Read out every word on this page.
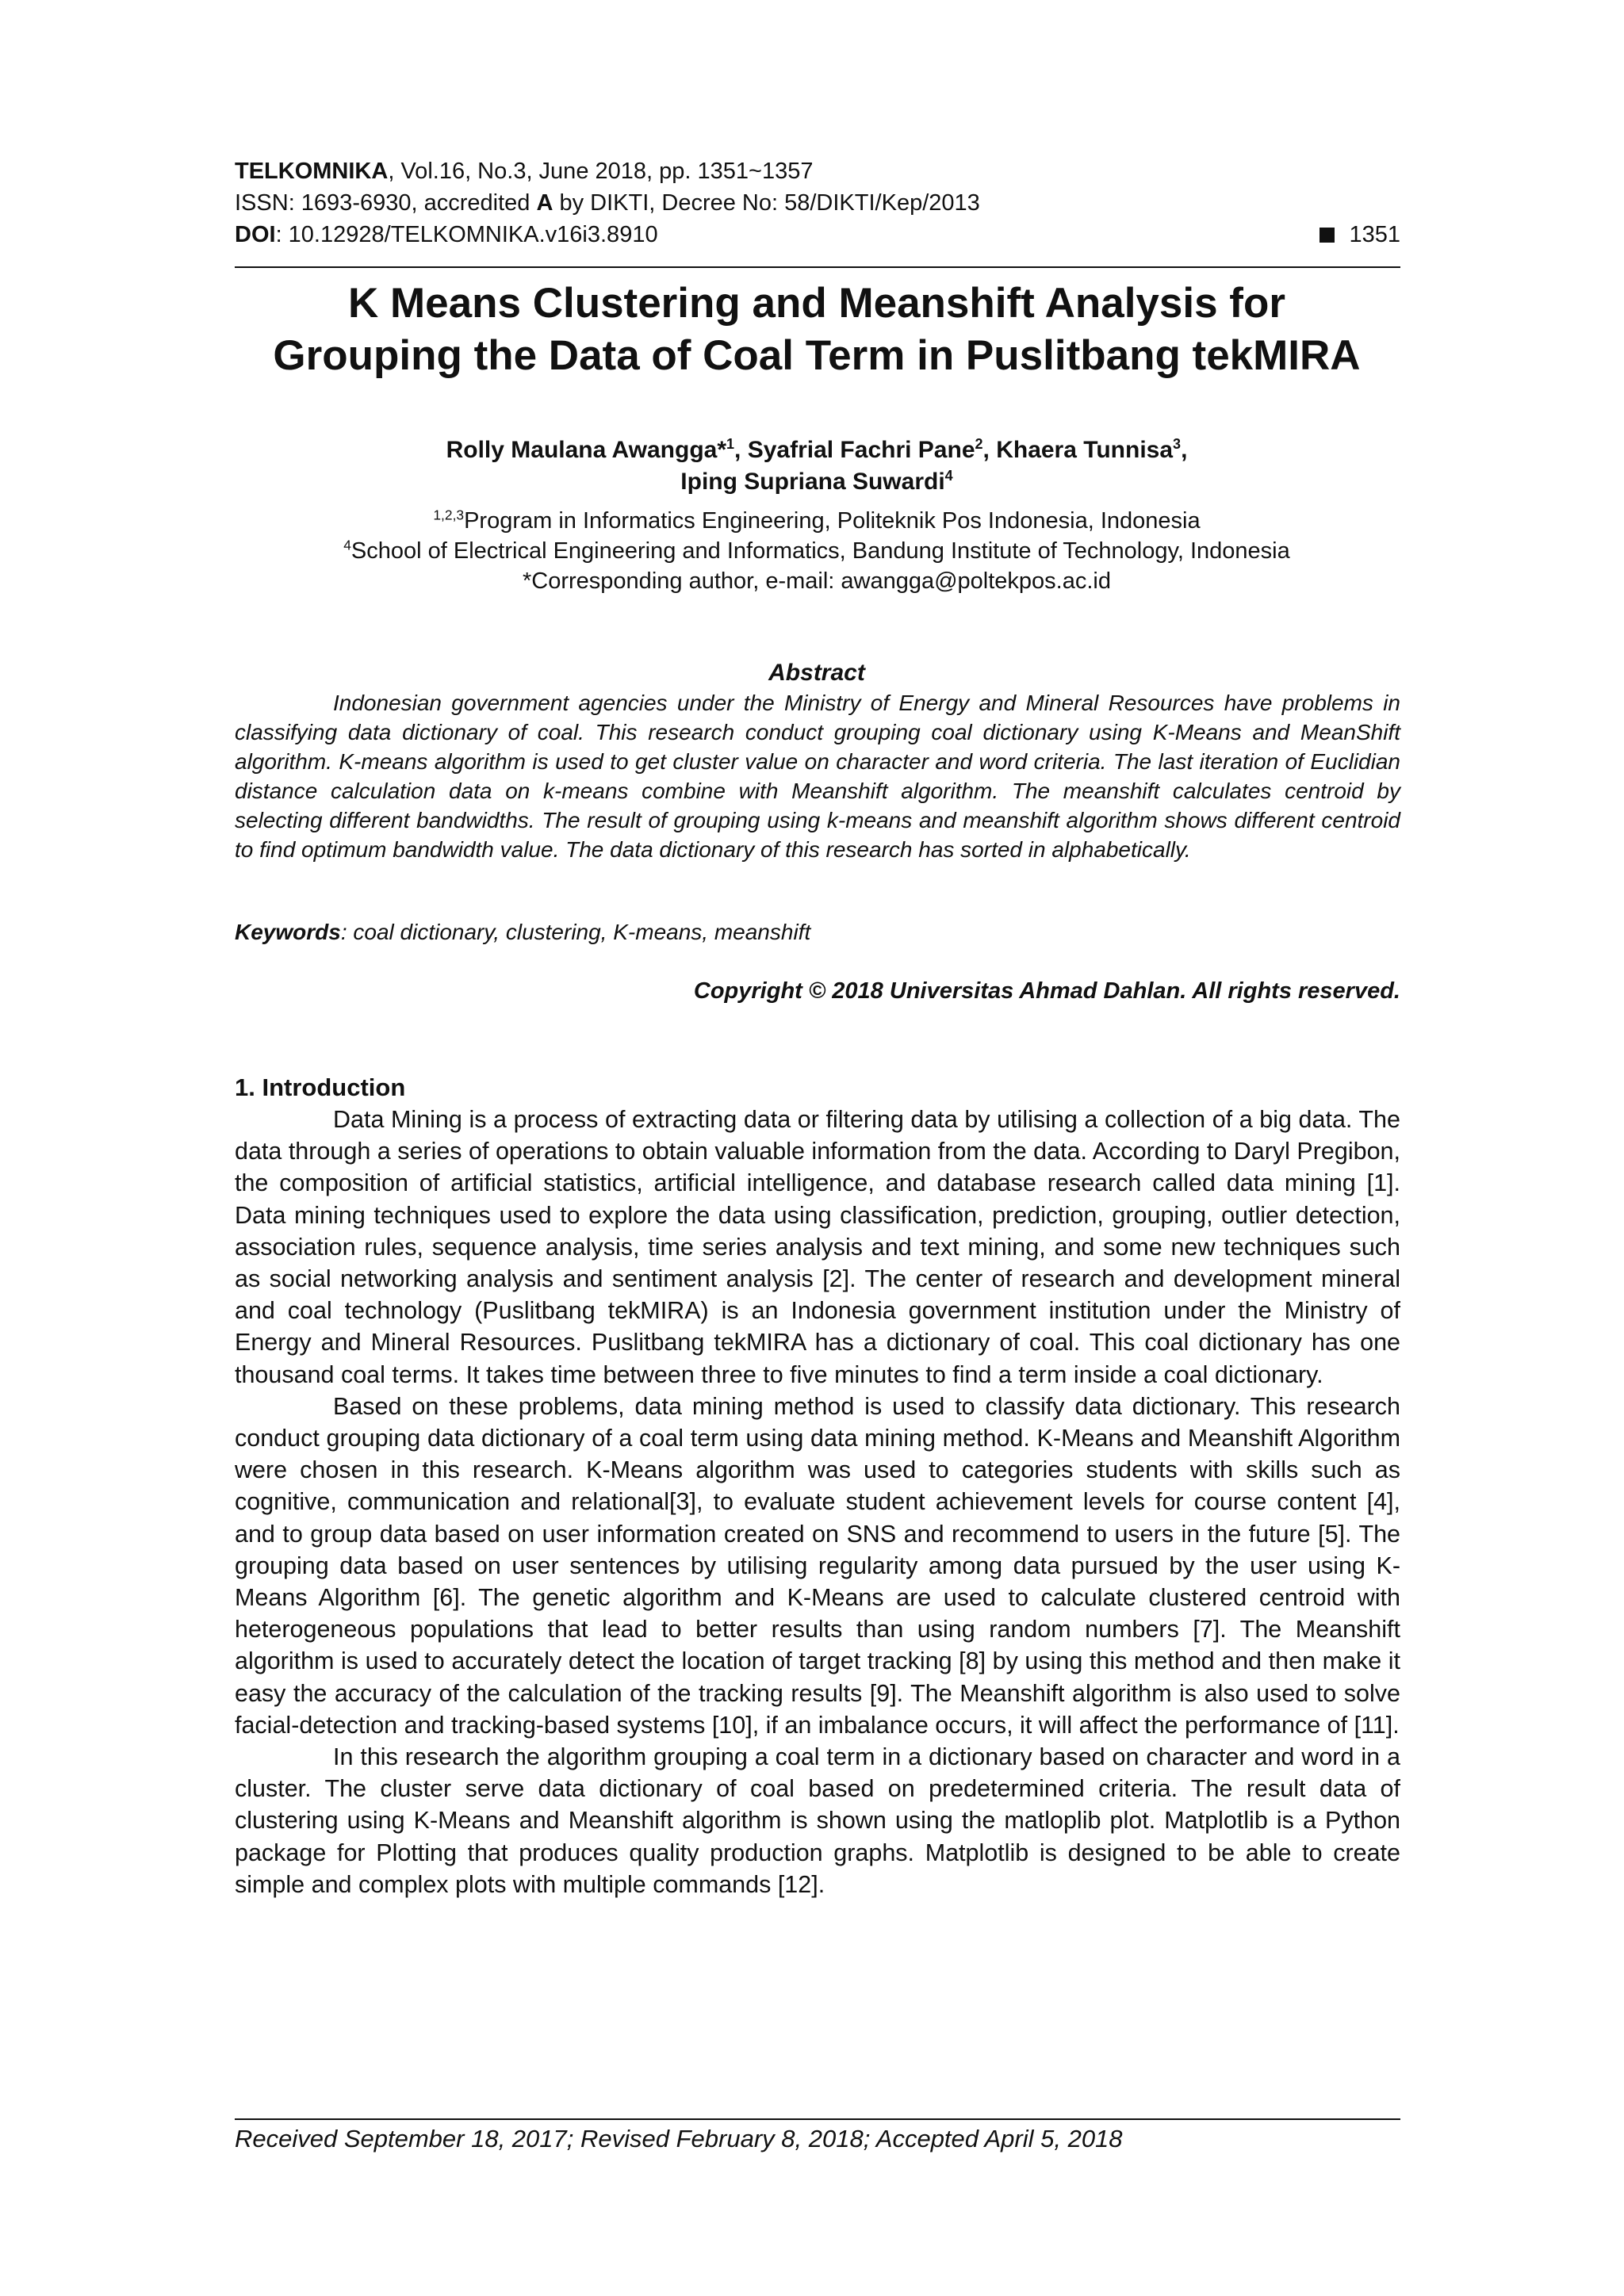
TELKOMNIKA, Vol.16, No.3, June 2018, pp. 1351~1357
ISSN: 1693-6930, accredited A by DIKTI, Decree No: 58/DIKTI/Kep/2013
DOI: 10.12928/TELKOMNIKA.v16i3.8910	1351
K Means Clustering and Meanshift Analysis for
Grouping the Data of Coal Term in Puslitbang tekMIRA
Rolly Maulana Awangga*$^1$, Syafrial Fachri Pane$^2$, Khaera Tunnisa$^3$,
Iping Supriana Suwardi$^4$
$^{1,2,3}$Program in Informatics Engineering, Politeknik Pos Indonesia, Indonesia
$^4$School of Electrical Engineering and Informatics, Bandung Institute of Technology, Indonesia
*Corresponding author, e-mail: awangga@poltekpos.ac.id
Abstract
Indonesian government agencies under the Ministry of Energy and Mineral Resources have problems in classifying data dictionary of coal. This research conduct grouping coal dictionary using K-Means and MeanShift algorithm. K-means algorithm is used to get cluster value on character and word criteria. The last iteration of Euclidian distance calculation data on k-means combine with Meanshift algorithm. The meanshift calculates centroid by selecting different bandwidths. The result of grouping using k-means and meanshift algorithm shows different centroid to find optimum bandwidth value. The data dictionary of this research has sorted in alphabetically.
Keywords: coal dictionary, clustering, K-means, meanshift
Copyright © 2018 Universitas Ahmad Dahlan. All rights reserved.
1. Introduction

Data Mining is a process of extracting data or filtering data by utilising a collection of a big data. The data through a series of operations to obtain valuable information from the data. According to Daryl Pregibon, the composition of artificial statistics, artificial intelligence, and database research called data mining [1]. Data mining techniques used to explore the data using classification, prediction, grouping, outlier detection, association rules, sequence analysis, time series analysis and text mining, and some new techniques such as social networking analysis and sentiment analysis [2]. The center of research and development mineral and coal technology (Puslitbang tekMIRA) is an Indonesia government institution under the Ministry of Energy and Mineral Resources. Puslitbang tekMIRA has a dictionary of coal. This coal dictionary has one thousand coal terms. It takes time between three to five minutes to find a term inside a coal dictionary.

Based on these problems, data mining method is used to classify data dictionary. This research conduct grouping data dictionary of a coal term using data mining method. K-Means and Meanshift Algorithm were chosen in this research. K-Means algorithm was used to categories students with skills such as cognitive, communication and relational[3], to evaluate student achievement levels for course content [4], and to group data based on user information created on SNS and recommend to users in the future [5]. The grouping data based on user sentences by utilising regularity among data pursued by the user using K-Means Algorithm [6]. The genetic algorithm and K-Means are used to calculate clustered centroid with heterogeneous populations that lead to better results than using random numbers [7]. The Meanshift algorithm is used to accurately detect the location of target tracking [8] by using this method and then make it easy the accuracy of the calculation of the tracking results [9]. The Meanshift algorithm is also used to solve facial-detection and tracking-based systems [10], if an imbalance occurs, it will affect the performance of [11].

In this research the algorithm grouping a coal term in a dictionary based on character and word in a cluster. The cluster serve data dictionary of coal based on predetermined criteria. The result data of clustering using K-Means and Meanshift algorithm is shown using the matloplib plot. Matplotlib is a Python package for Plotting that produces quality production graphs. Matplotlib is designed to be able to create simple and complex plots with multiple commands [12].

Received September 18, 2017; Revised February 8, 2018; Accepted April 5, 2018
